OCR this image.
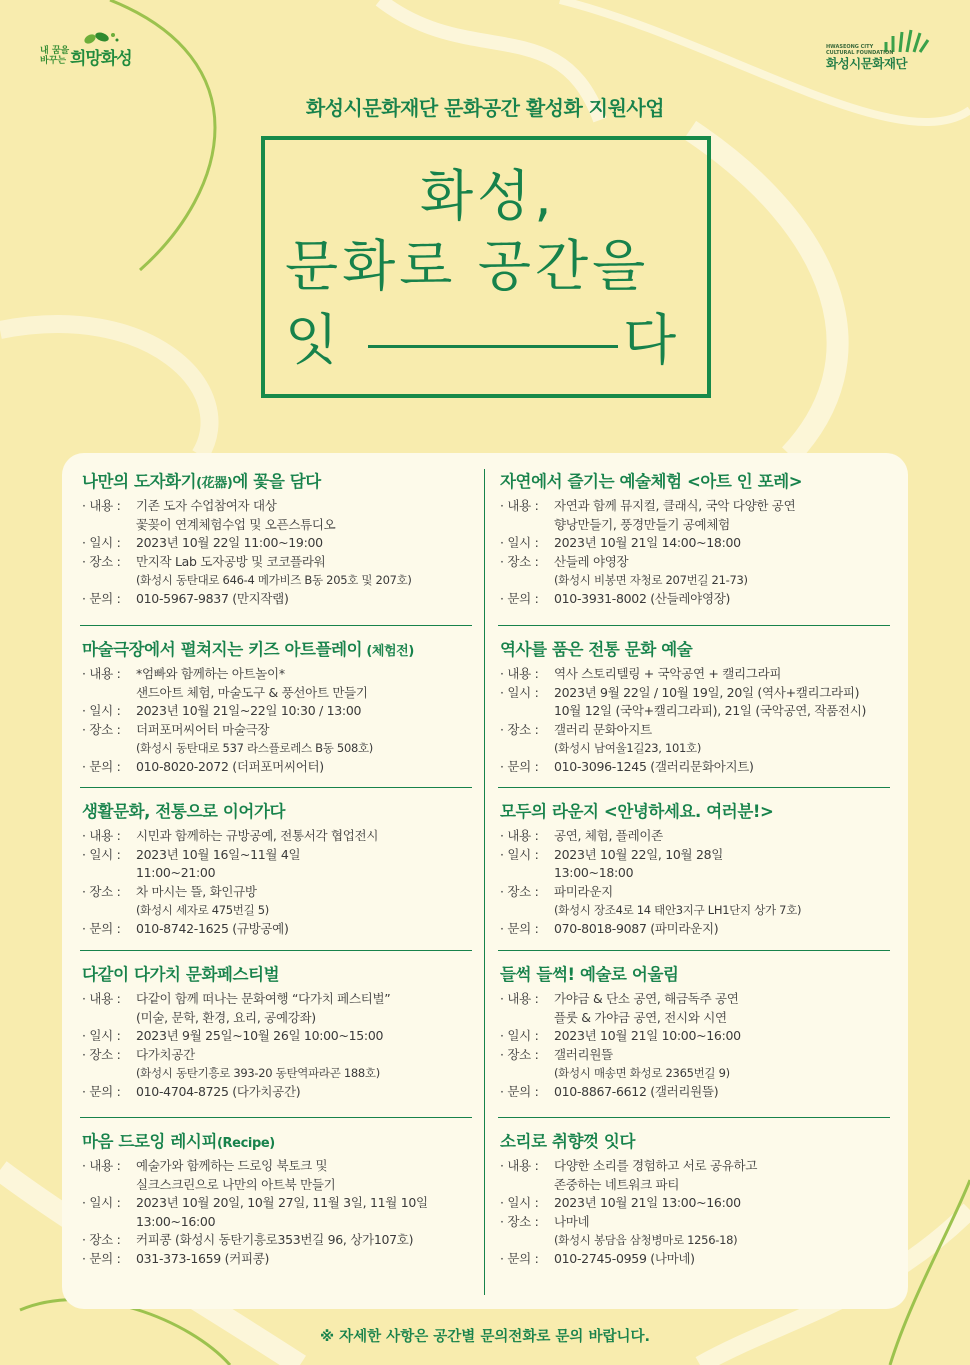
내 꿈을 바꾸는 희망화성
HWASEONG CITY
CULTURAL FOUNDATION
화성시문화재단
화성시문화재단 문화공간 활성화 지원사업
화성,
문화로 공간을
잇	다
나만의 도자화기(花器)에 꽃을 담다
· 내용 :기존 도자 수업참여자 대상
꽃꽂이 연계체험수업 및 오픈스튜디오
· 일시 :2023년 10월 22일 11:00~19:00
· 장소 :만지작 Lab 도자공방 및 코코플라워
(화성시 동탄대로 646-4 메가비즈 B동 205호 및 207호)
· 문의 :010-5967-9837 (만지작랩)
마술극장에서 펼쳐지는 키즈 아트플레이 (체험전)
· 내용 :*엄빠와 함께하는 아트놀이*
샌드아트 체험, 마술도구 & 풍선아트 만들기
· 일시 :2023년 10월 21일~22일 10:30 / 13:00
· 장소 :더퍼포머씨어터 마술극장
(화성시 동탄대로 537 라스플로레스 B동 508호)
· 문의 :010-8020-2072 (더퍼포머씨어터)
생활문화, 전통으로 이어가다
· 내용 :시민과 함께하는 규방공예, 전통서각 협업전시
· 일시 :2023년 10월 16일~11월 4일
11:00~21:00
· 장소 :차 마시는 뜰, 화인규방
(화성시 세자로 475번길 5)
· 문의 :010-8742-1625 (규방공예)
다같이 다가치 문화페스티벌
· 내용 :다같이 함께 떠나는 문화여행 “다가치 페스티벌”
(미술, 문학, 환경, 요리, 공예강좌)
· 일시 :2023년 9월 25일~10월 26일 10:00~15:00
· 장소 :다가치공간
(화성시 동탄기흥로 393-20 동탄역파라곤 188호)
· 문의 :010-4704-8725 (다가치공간)
마음 드로잉 레시피(Recipe)
· 내용 :예술가와 함께하는 드로잉 북토크 및
실크스크린으로 나만의 아트북 만들기
· 일시 :2023년 10월 20일, 10월 27일, 11월 3일, 11월 10일
13:00~16:00
· 장소 :커피콩 (화성시 동탄기흥로353번길 96, 상가107호)
· 문의 :031-373-1659 (커피콩)
자연에서 즐기는 예술체험 <아트 인 포레>
· 내용 :자연과 함께 뮤지컬, 클래식, 국악 다양한 공연
향낭만들기, 풍경만들기 공예체험
· 일시 :2023년 10월 21일 14:00~18:00
· 장소 :산들레 야영장
(화성시 비봉면 자청로 207번길 21-73)
· 문의 :010-3931-8002 (산들레야영장)
역사를 품은 전통 문화 예술
· 내용 :역사 스토리텔링 + 국악공연 + 캘리그라피
· 일시 :2023년 9월 22일 / 10월 19일, 20일 (역사+캘리그라피)
10월 12일 (국악+캘리그라피), 21일 (국악공연, 작품전시)
· 장소 :갤러리 문화아지트
(화성시 남여울1길23, 101호)
· 문의 :010-3096-1245 (갤러리문화아지트)
모두의 라운지 <안녕하세요. 여러분!>
· 내용 :공연, 체험, 플레이존
· 일시 :2023년 10월 22일, 10월 28일
13:00~18:00
· 장소 :파미라운지
(화성시 장조4로 14 태안3지구 LH1단지 상가 7호)
· 문의 :070-8018-9087 (파미라운지)
들썩 들썩! 예술로 어울림
· 내용 :가야금 & 단소 공연, 해금독주 공연
플룻 & 가야금 공연, 전시와 시연
· 일시 :2023년 10월 21일 10:00~16:00
· 장소 :갤러리원뜰
(화성시 매송면 화성로 2365번길 9)
· 문의 :010-8867-6612 (갤러리원뜰)
소리로 취향껏 잇다
· 내용 :다양한 소리를 경험하고 서로 공유하고
존중하는 네트워크 파티
· 일시 :2023년 10월 21일 13:00~16:00
· 장소 :나마네
(화성시 봉담읍 삼청병마로 1256-18)
· 문의 :010-2745-0959 (나마네)
※ 자세한 사항은 공간별 문의전화로 문의 바랍니다.
